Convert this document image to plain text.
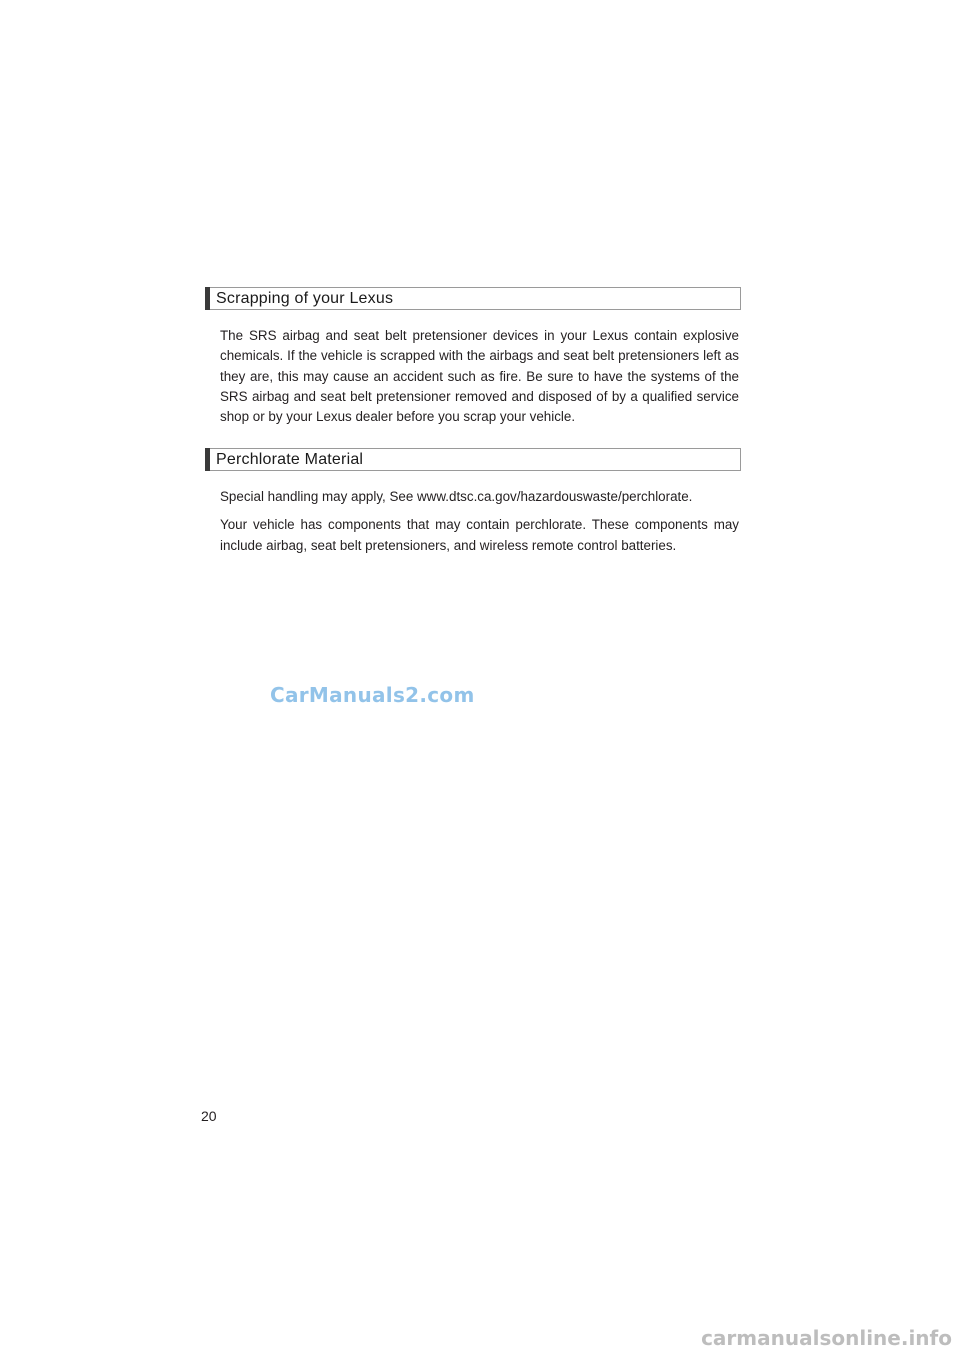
Scrapping of your Lexus

The SRS airbag and seat belt pretensioner devices in your Lexus contain explosive chemicals. If the vehicle is scrapped with the airbags and seat belt pretensioners left as they are, this may cause an accident such as fire. Be sure to have the systems of the SRS airbag and seat belt pretensioner removed and disposed of by a qualified service shop or by your Lexus dealer before you scrap your vehicle.

Perchlorate Material

Special handling may apply, See www.dtsc.ca.gov/hazardouswaste/perchlorate.

Your vehicle has components that may contain perchlorate. These components may include airbag, seat belt pretensioners, and wireless remote control batteries.

CarManuals2.com
20
carmanualsonline.info
